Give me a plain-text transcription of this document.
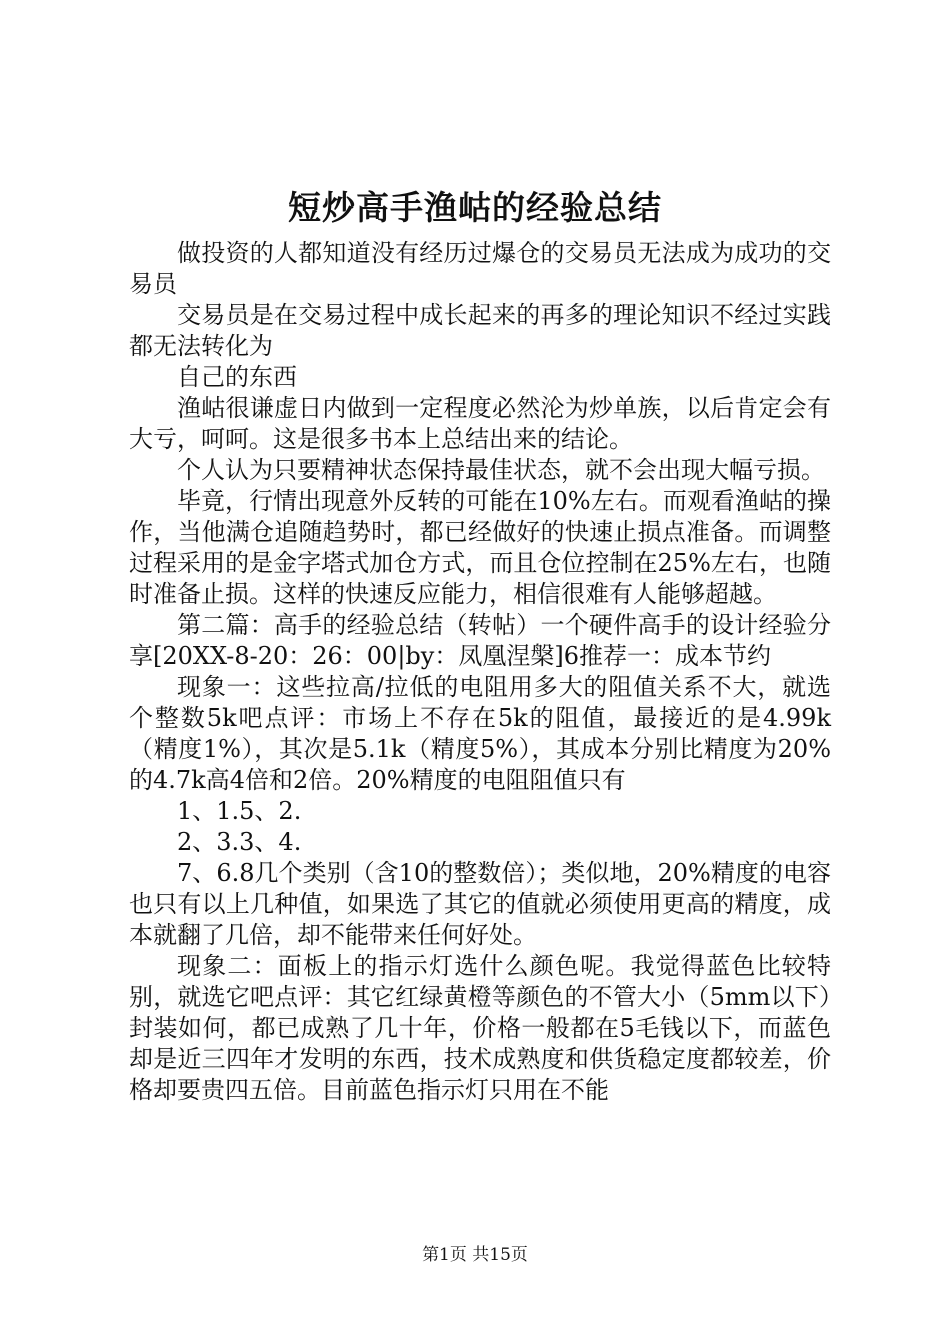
短炒高手渔岵的经验总结

做投资的人都知道没有经历过爆仓的交易员无法成为成功的交易员

交易员是在交易过程中成长起来的再多的理论知识不经过实践都无法转化为

自己的东西

渔岵很谦虚日内做到一定程度必然沦为炒单族，以后肯定会有大亏，呵呵。这是很多书本上总结出来的结论。

个人认为只要精神状态保持最佳状态，就不会出现大幅亏损。

毕竟，行情出现意外反转的可能在10%左右。而观看渔岵的操作，当他满仓追随趋势时，都已经做好的快速止损点准备。而调整过程采用的是金字塔式加仓方式，而且仓位控制在25%左右，也随时准备止损。这样的快速反应能力，相信很难有人能够超越。

第二篇：高手的经验总结（转帖）一个硬件高手的设计经验分享[20XX-8-20：26：00|by：凤凰涅槃]6推荐一：成本节约

现象一：这些拉高/拉低的电阻用多大的阻值关系不大，就选个整数5k吧点评：市场上不存在5k的阻值，最接近的是4.99k（精度1%），其次是5.1k（精度5%），其成本分别比精度为20%的4.7k高4倍和2倍。20%精度的电阻阻值只有

1、1.5、2.

2、3.3、4.

7、6.8几个类别（含10的整数倍）；类似地，20%精度的电容也只有以上几种值，如果选了其它的值就必须使用更高的精度，成本就翻了几倍，却不能带来任何好处。

现象二：面板上的指示灯选什么颜色呢。我觉得蓝色比较特别，就选它吧点评：其它红绿黄橙等颜色的不管大小（5mm以下）封装如何，都已成熟了几十年，价格一般都在5毛钱以下，而蓝色却是近三四年才发明的东西，技术成熟度和供货稳定度都较差，价格却要贵四五倍。目前蓝色指示灯只用在不能

第1页 共15页
